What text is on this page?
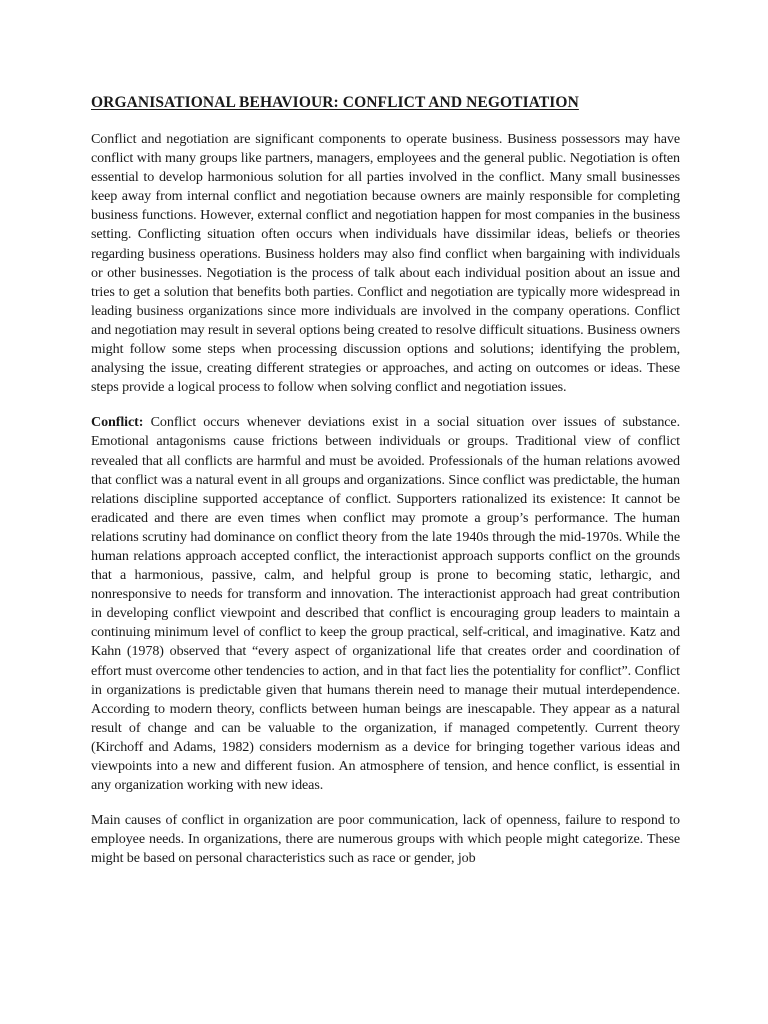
ORGANISATIONAL BEHAVIOUR: CONFLICT AND NEGOTIATION

Conflict and negotiation are significant components to operate business. Business possessors may have conflict with many groups like partners, managers, employees and the general public. Negotiation is often essential to develop harmonious solution for all parties involved in the conflict. Many small businesses keep away from internal conflict and negotiation because owners are mainly responsible for completing business functions. However, external conflict and negotiation happen for most companies in the business setting. Conflicting situation often occurs when individuals have dissimilar ideas, beliefs or theories regarding business operations. Business holders may also find conflict when bargaining with individuals or other businesses. Negotiation is the process of talk about each individual position about an issue and tries to get a solution that benefits both parties. Conflict and negotiation are typically more widespread in leading business organizations since more individuals are involved in the company operations. Conflict and negotiation may result in several options being created to resolve difficult situations. Business owners might follow some steps when processing discussion options and solutions; identifying the problem, analysing the issue, creating different strategies or approaches, and acting on outcomes or ideas. These steps provide a logical process to follow when solving conflict and negotiation issues.

Conflict: Conflict occurs whenever deviations exist in a social situation over issues of substance. Emotional antagonisms cause frictions between individuals or groups. Traditional view of conflict revealed that all conflicts are harmful and must be avoided. Professionals of the human relations avowed that conflict was a natural event in all groups and organizations. Since conflict was predictable, the human relations discipline supported acceptance of conflict. Supporters rationalized its existence: It cannot be eradicated and there are even times when conflict may promote a group’s performance. The human relations scrutiny had dominance on conflict theory from the late 1940s through the mid-1970s. While the human relations approach accepted conflict, the interactionist approach supports conflict on the grounds that a harmonious, passive, calm, and helpful group is prone to becoming static, lethargic, and nonresponsive to needs for transform and innovation. The interactionist approach had great contribution in developing conflict viewpoint and described that conflict is encouraging group leaders to maintain a continuing minimum level of conflict to keep the group practical, self-critical, and imaginative. Katz and Kahn (1978) observed that “every aspect of organizational life that creates order and coordination of effort must overcome other tendencies to action, and in that fact lies the potentiality for conflict”. Conflict in organizations is predictable given that humans therein need to manage their mutual interdependence. According to modern theory, conflicts between human beings are inescapable. They appear as a natural result of change and can be valuable to the organization, if managed competently. Current theory (Kirchoff and Adams, 1982) considers modernism as a device for bringing together various ideas and viewpoints into a new and different fusion. An atmosphere of tension, and hence conflict, is essential in any organization working with new ideas.

Main causes of conflict in organization are poor communication, lack of openness, failure to respond to employee needs. In organizations, there are numerous groups with which people might categorize. These might be based on personal characteristics such as race or gender, job
